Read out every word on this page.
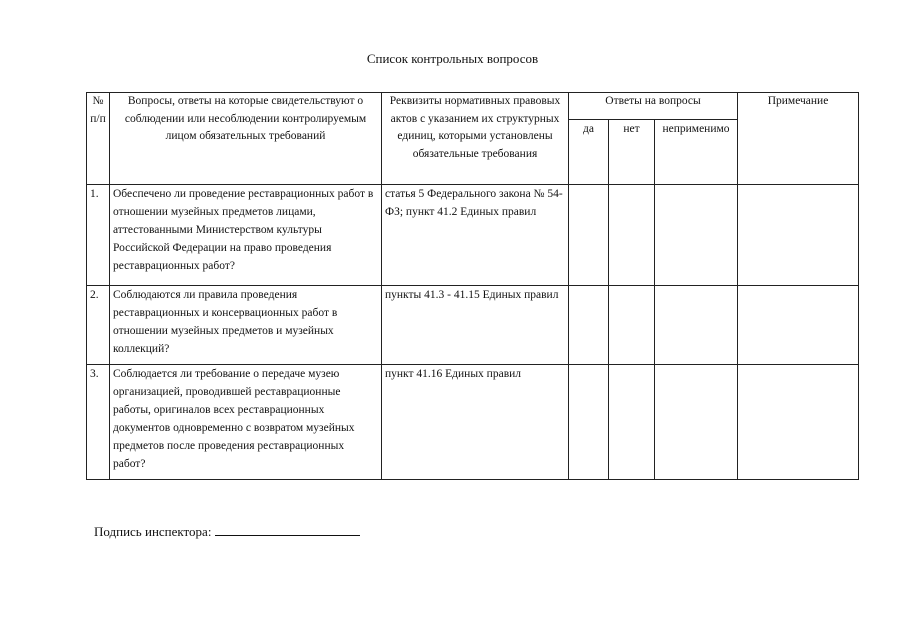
Список контрольных вопросов
№ п/п	Вопросы, ответы на которые свидетельствуют о соблюдении или несоблюдении контролируемым лицом обязательных требований	Реквизиты нормативных правовых актов с указанием их структурных единиц, которыми установлены обязательные требования	Ответы на вопросы			Примечание
			да	нет	неприменимо	
1.	Обеспечено ли проведение реставрационных работ в отношении музейных предметов лицами, аттестованными Министерством культуры Российской Федерации на право проведения реставрационных работ?	статья 5 Федерального закона № 54-ФЗ; пункт 41.2 Единых правил				
2.	Соблюдаются ли правила проведения реставрационных и консервационных работ в отношении музейных предметов и музейных коллекций?	пункты 41.3 - 41.15 Единых правил				
3.	Соблюдается ли требование о передаче музею организацией, проводившей реставрационные работы, оригиналов всех реставрационных документов одновременно с возвратом музейных предметов после проведения реставрационных работ?	пункт 41.16 Единых правил				
Подпись инспектора:
